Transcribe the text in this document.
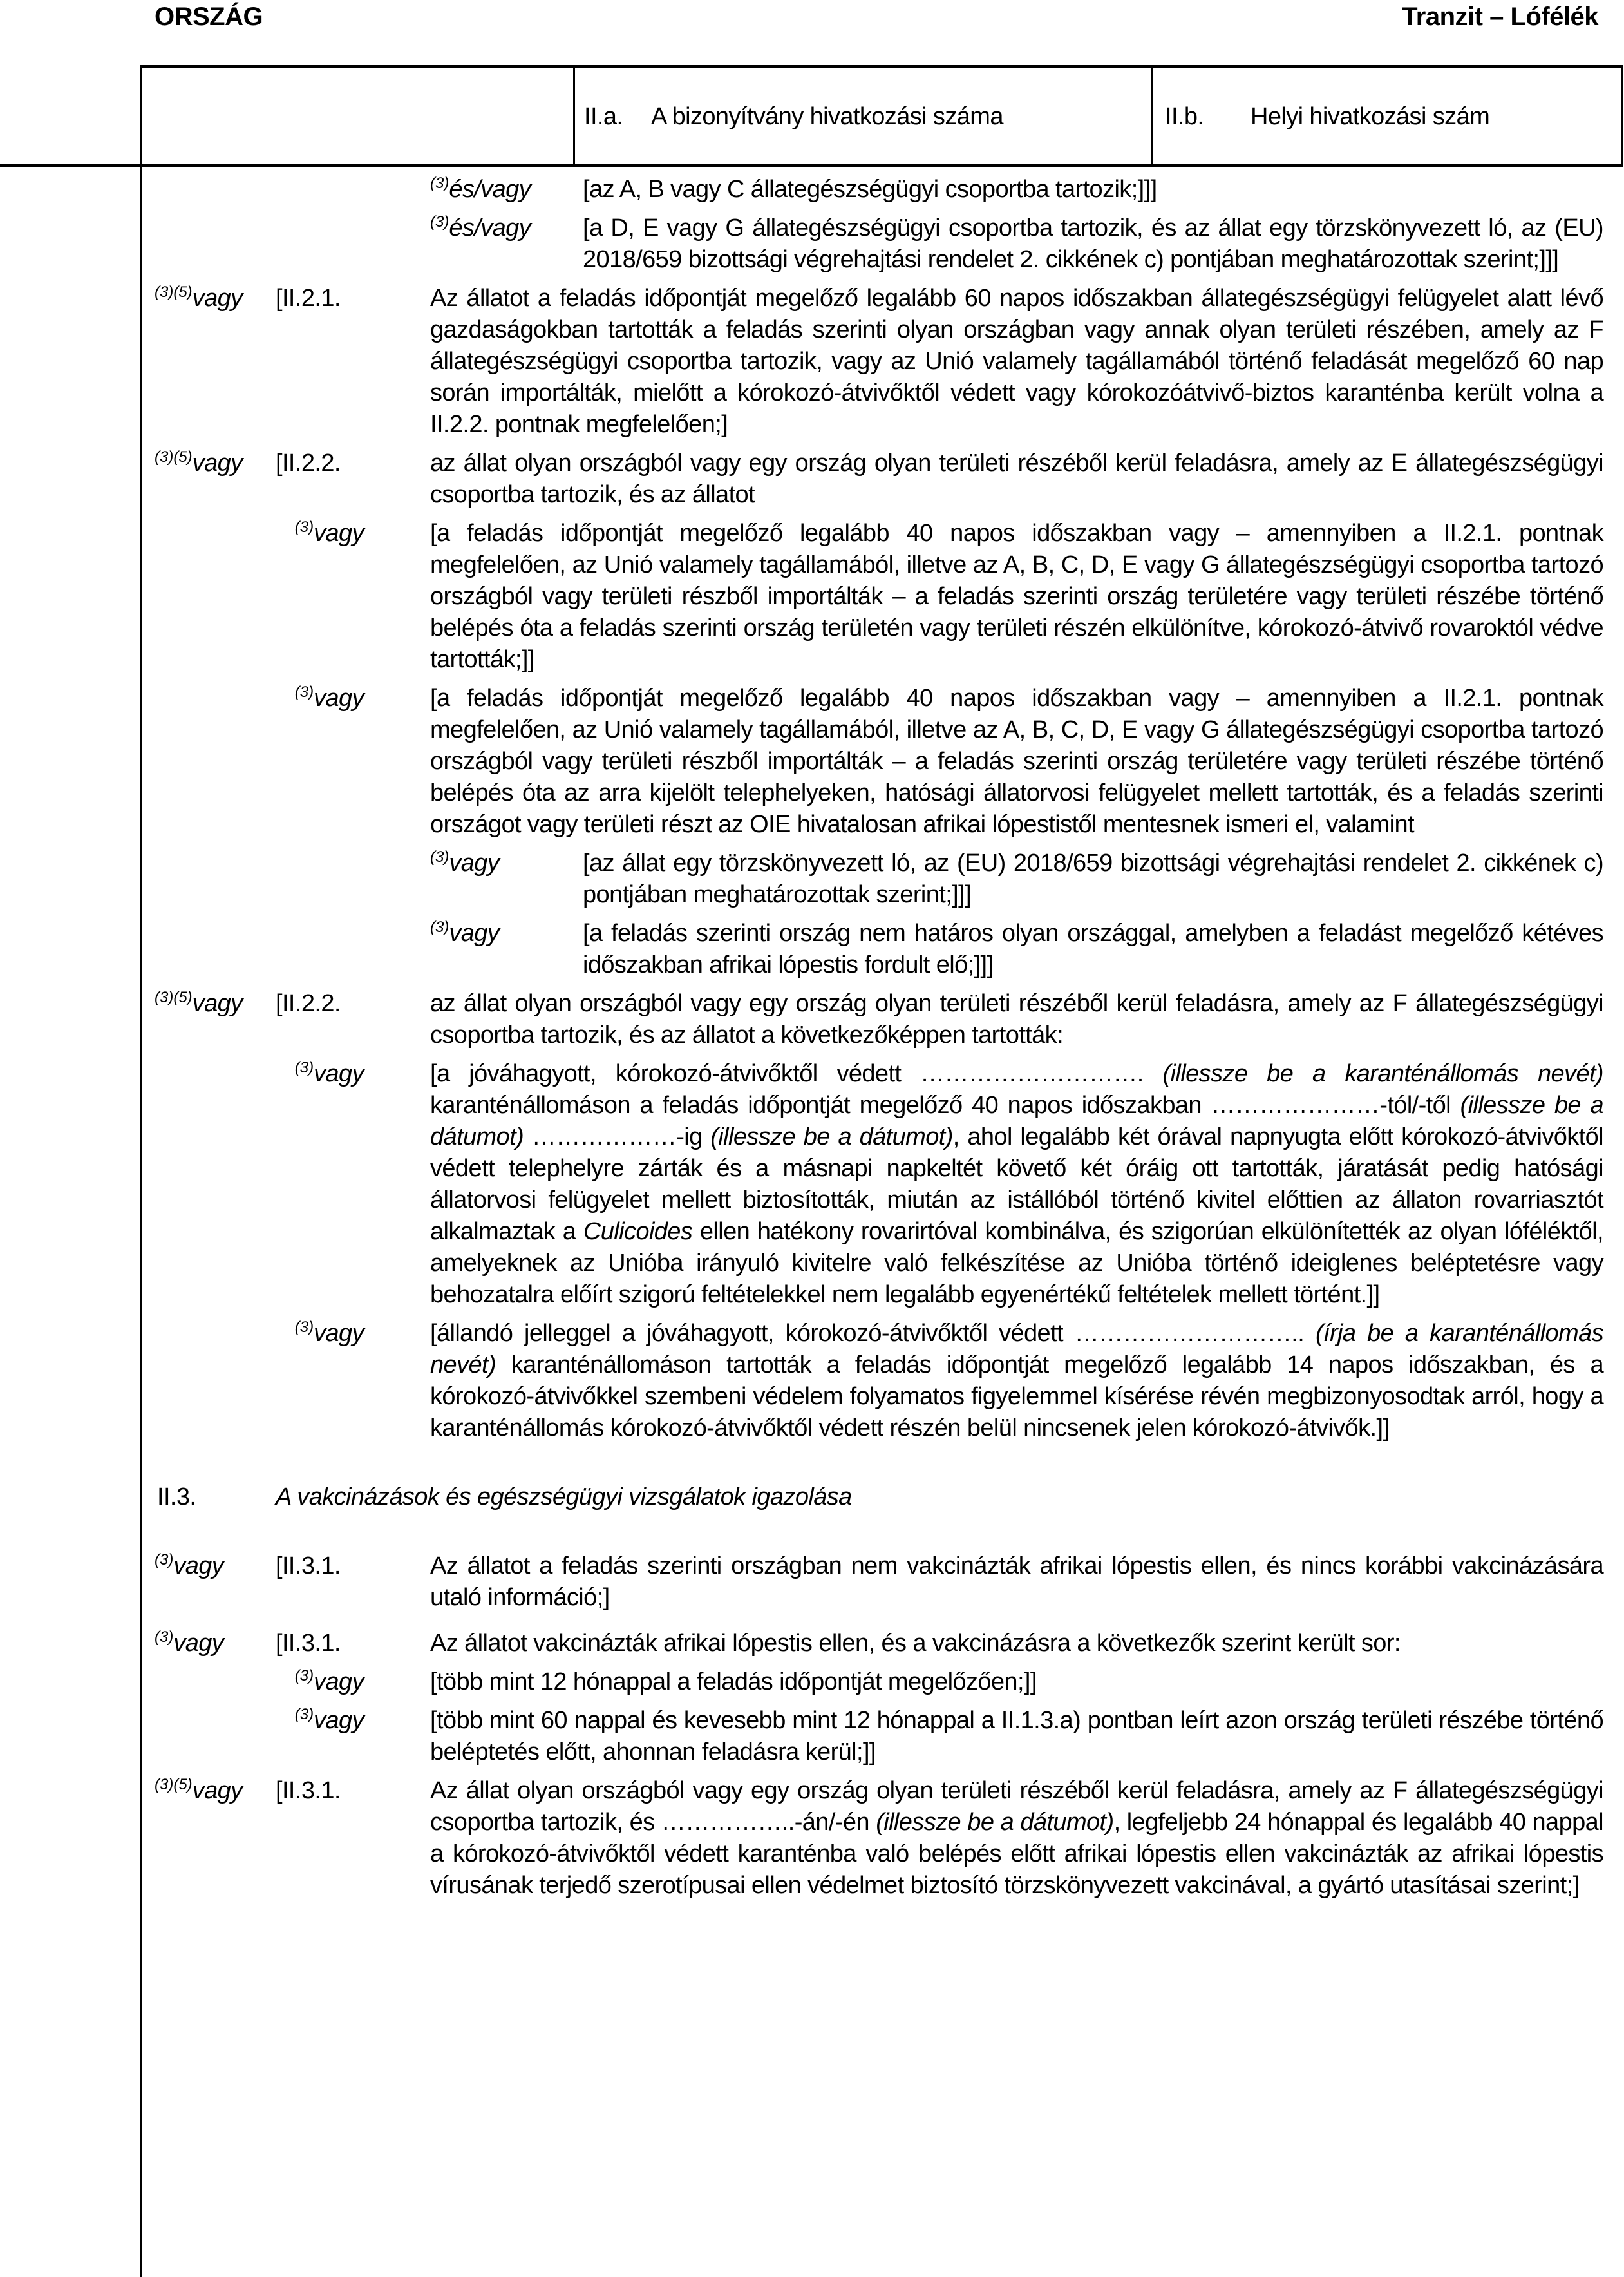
ORSZÁG	Tranzit – Lófélék
II.a. A bizonyítvány hivatkozási száma	II.b. Helyi hivatkozási szám
$^{(3)}$és/vagy [az A, B vagy C állategészségügyi csoportba tartozik;]]]
$^{(3)}$és/vagy [a D, E vagy G állategészségügyi csoportba tartozik, és az állat egy törzskönyvezett ló, az (EU) 2018/659 bizottsági végrehajtási rendelet 2. cikkének c) pontjában meghatározottak szerint;]]]
$^{(3)(5)}$vagy [II.2.1.	Az állatot a feladás időpontját megelőző legalább 60 napos időszakban állategészségügyi felügyelet alatt lévő gazdaságokban tartották a feladás szerinti olyan országban vagy annak olyan területi részében, amely az F állategészségügyi csoportba tartozik, vagy az Unió valamely tagállamából történő feladását megelőző 60 nap során importálták, mielőtt a kórokozó-átvivőktől védett vagy kórokozóátvivő-biztos karanténba került volna a II.2.2. pontnak megfelelően;]
$^{(3)(5)}$vagy [II.2.2.	az állat olyan országból vagy egy ország olyan területi részéből kerül feladásra, amely az E állategészségügyi csoportba tartozik, és az állatot
$^{(3)}$vagy	[a feladás időpontját megelőző legalább 40 napos időszakban vagy – amennyiben a II.2.1. pontnak megfelelően, az Unió valamely tagállamából, illetve az A, B, C, D, E vagy G állategészségügyi csoportba tartozó országból vagy területi részből importálták – a feladás szerinti ország területére vagy területi részébe történő belépés óta a feladás szerinti ország területén vagy területi részén elkülönítve, kórokozó-átvivő rovaroktól védve tartották;]]
$^{(3)}$vagy	[a feladás időpontját megelőző legalább 40 napos időszakban vagy – amennyiben a II.2.1. pontnak megfelelően, az Unió valamely tagállamából, illetve az A, B, C, D, E vagy G állategészségügyi csoportba tartozó országból vagy területi részből importálták – a feladás szerinti ország területére vagy területi részébe történő belépés óta az arra kijelölt telephelyeken, hatósági állatorvosi felügyelet mellett tartották, és a feladás szerinti országot vagy területi részt az OIE hivatalosan afrikai lópestistől mentesnek ismeri el, valamint
$^{(3)}$vagy	[az állat egy törzskönyvezett ló, az (EU) 2018/659 bizottsági végrehajtási rendelet 2. cikkének c) pontjában meghatározottak szerint;]]]
$^{(3)}$vagy	[a feladás szerinti ország nem határos olyan országgal, amelyben a feladást megelőző kétéves időszakban afrikai lópestis fordult elő;]]]
$^{(3)(5)}$vagy [II.2.2.	az állat olyan országból vagy egy ország olyan területi részéből kerül feladásra, amely az F állategészségügyi csoportba tartozik, és az állatot a következőképpen tartották:
$^{(3)}$vagy	[a jóváhagyott, kórokozó-átvivőktől védett ………………………. (illessze be a karanténállomás nevét) karanténállomáson a feladás időpontját megelőző 40 napos időszakban …………………-tól/-től (illessze be a dátumot) ………………-ig (illessze be a dátumot), ahol legalább két órával napnyugta előtt kórokozó-átvivőktől védett telephelyre zárták és a másnapi napkeltét követő két óráig ott tartották, járatását pedig hatósági állatorvosi felügyelet mellett biztosították, miután az istállóból történő kivitel előttien az állaton rovarriasztót alkalmaztak a Culicoides ellen hatékony rovarirtóval kombinálva, és szigorúan elkülönítették az olyan lóféléktől, amelyeknek az Unióba irányuló kivitelre való felkészítése az Unióba történő ideiglenes beléptetésre vagy behozatalra előírt szigorú feltételekkel nem legalább egyenértékű feltételek mellett történt.]]
$^{(3)}$vagy	[állandó jelleggel a jóváhagyott, kórokozó-átvivőktől védett ……………………….. (írja be a karanténállomás nevét) karanténállomáson tartották a feladás időpontját megelőző legalább 14 napos időszakban, és a kórokozó-átvivőkkel szembeni védelem folyamatos figyelemmel kísérése révén megbizonyosodtak arról, hogy a karanténállomás kórokozó-átvivőktől védett részén belül nincsenek jelen kórokozó-átvivők.]]
II.3.	A vakcinázások és egészségügyi vizsgálatok igazolása
$^{(3)}$vagy [II.3.1.	Az állatot a feladás szerinti országban nem vakcinázták afrikai lópestis ellen, és nincs korábbi vakcinázására utaló információ;]
$^{(3)}$vagy [II.3.1.	Az állatot vakcinázták afrikai lópestis ellen, és a vakcinázásra a következők szerint került sor:
$^{(3)}$vagy	[több mint 12 hónappal a feladás időpontját megelőzően;]]
$^{(3)}$vagy	[több mint 60 nappal és kevesebb mint 12 hónappal a II.1.3.a) pontban leírt azon ország területi részébe történő beléptetés előtt, ahonnan feladásra kerül;]]
$^{(3)(5)}$vagy [II.3.1.	Az állat olyan országból vagy egy ország olyan területi részéből kerül feladásra, amely az F állategészségügyi csoportba tartozik, és ……………..-án/-én (illessze be a dátumot), legfeljebb 24 hónappal és legalább 40 nappal a kórokozó-átvivőktől védett karanténba való belépés előtt afrikai lópestis ellen vakcinázták az afrikai lópestis vírusának terjedő szerotípusai ellen védelmet biztosító törzskönyvezett vakcinával, a gyártó utasításai szerint;]
